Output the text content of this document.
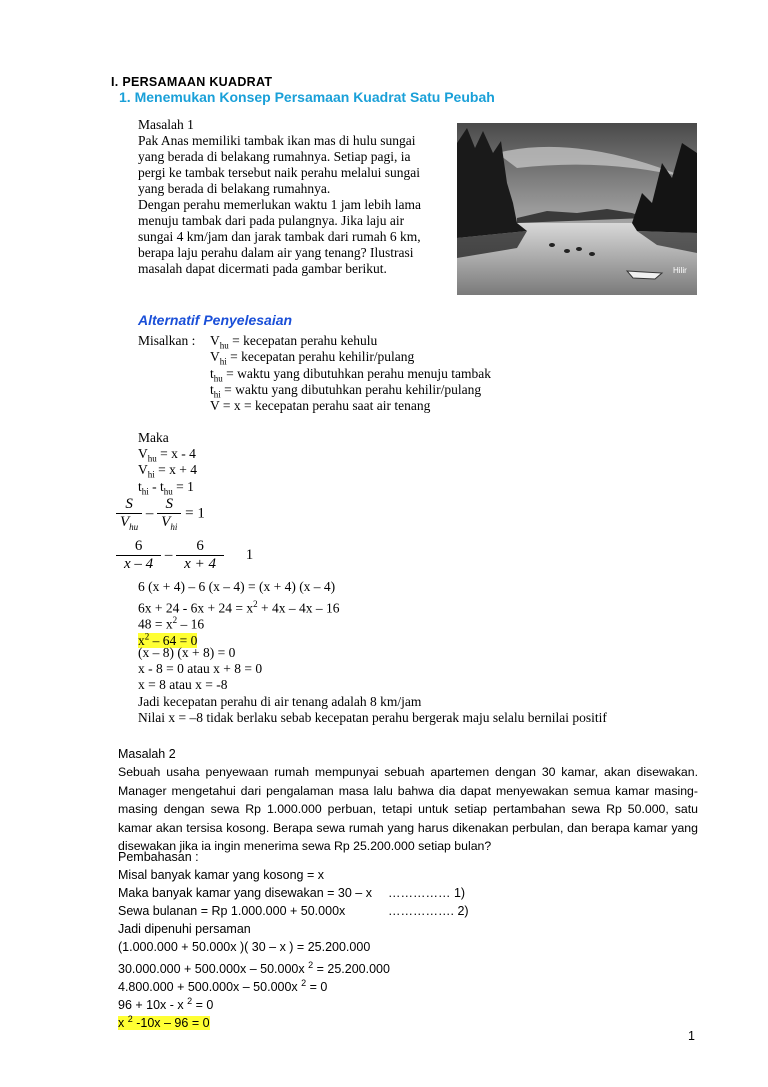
I. PERSAMAAN KUADRAT
1. Menemukan Konsep Persamaan Kuadrat Satu Peubah
Masalah 1
Pak Anas memiliki tambak ikan mas di hulu sungai
yang berada di belakang rumahnya. Setiap pagi, ia
pergi ke tambak tersebut naik perahu melalui sungai
yang berada di belakang rumahnya.
Dengan perahu memerlukan waktu 1 jam lebih lama
menuju tambak dari pada pulangnya. Jika laju air
sungai 4 km/jam dan jarak tambak dari rumah 6 km,
berapa laju perahu dalam air yang tenang? Ilustrasi
masalah dapat dicermati pada gambar berikut.	Hilir
Alternatif Penyelesaian
Misalkan : $V_{hu}$ = kecepatan perahu kehulu
$V_{hi}$ = kecepatan perahu kehilir/pulang
$t_{hu}$ = waktu yang dibutuhkan perahu menuju tambak
$t_{hi}$ = waktu yang dibutuhkan perahu kehilir/pulang
V = x = kecepatan perahu saat air tenang
Maka
$V_{hu} = x - 4$
$V_{hi} = x + 4$
$t_{hi} - t_{hu} = 1$
$\frac{S}{V_{hu}} - \frac{S}{V_{hi}} = 1$
$\frac{6}{x - 4} - \frac{6}{x + 4} 1$
6 (x + 4) – 6 (x – 4) = (x + 4) (x – 4)
$6x + 24 - 6x + 24 = x^2 + 4x - 4x - 16$
$48 = x^2 - 16$
$x^2 - 64 = 0$
(x – 8) (x + 8) = 0
x - 8 = 0 atau x + 8 = 0
x = 8 atau x = -8
Jadi kecepatan perahu di air tenang adalah 8 km/jam
Nilai x = –8 tidak berlaku sebab kecepatan perahu bergerak maju selalu bernilai positif
Masalah 2
Sebuah usaha penyewaan rumah mempunyai sebuah apartemen dengan 30 kamar, akan disewakan. Manager mengetahui dari pengalaman masa lalu bahwa dia dapat menyewakan semua kamar masing-masing dengan sewa Rp 1.000.000 perbuan, tetapi untuk setiap pertambahan sewa Rp 50.000, satu kamar akan tersisa kosong. Berapa sewa rumah yang harus dikenakan perbulan, dan berapa kamar yang disewakan jika ia ingin menerima sewa Rp 25.200.000 setiap bulan?
Pembahasan :
Misal banyak kamar yang kosong = x
Maka banyak kamar yang disewakan = 30 – x …………… 1)
Sewa bulanan = Rp 1.000.000 + 50.000x	……………. 2)
Jadi dipenuhi persaman
(1.000.000 + 50.000x )( 30 – x ) = 25.200.000
30.000.000 + 500.000x – 50.000x $^2$ = 25.200.000
4.800.000 + 500.000x – 50.000x $^2$ = 0
96 + 10x - x $^2$ = 0
x $^2$ -10x – 96 = 0
1
